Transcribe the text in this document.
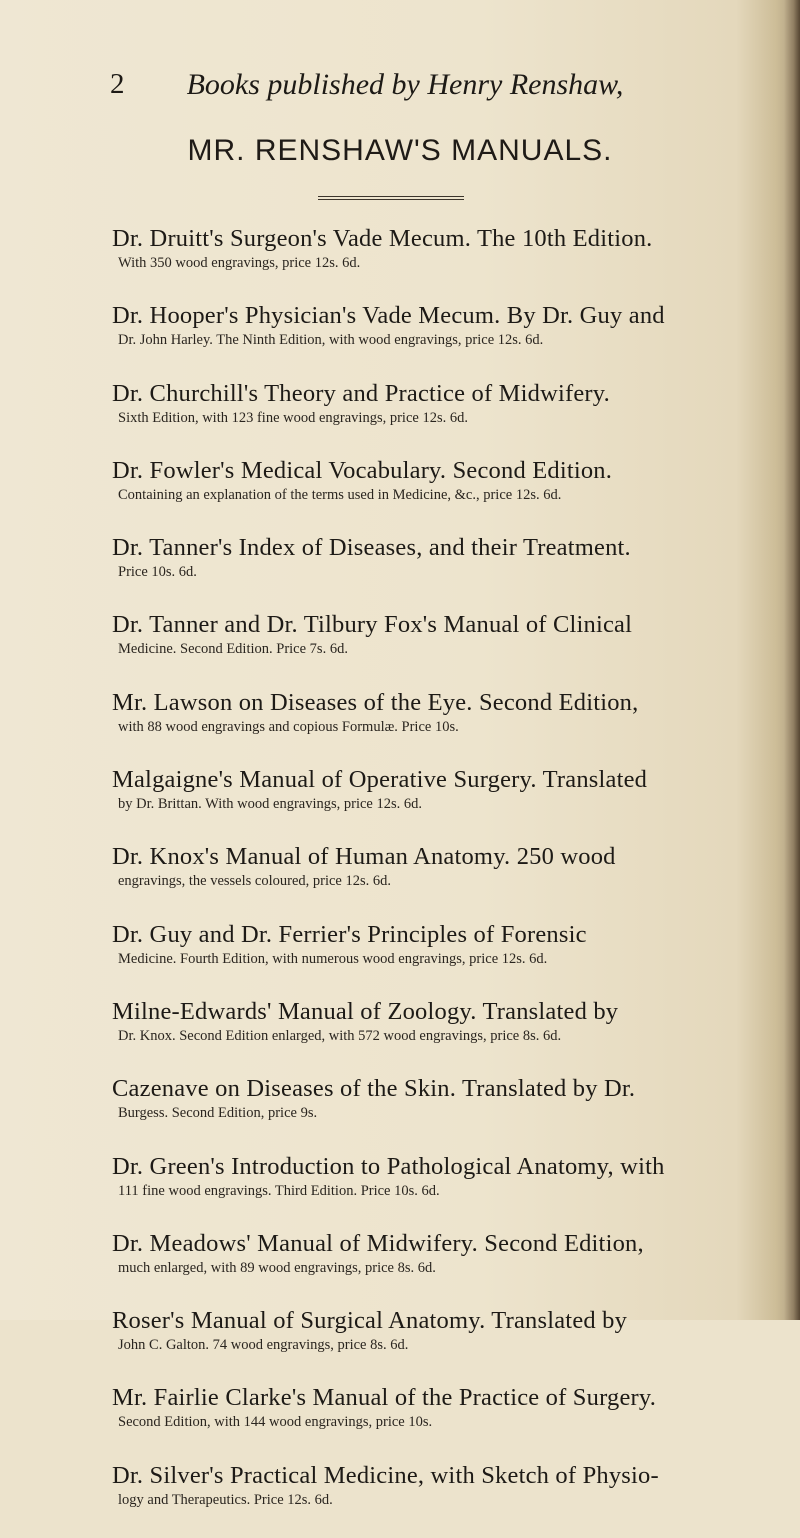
2	Books published by Henry Renshaw,
MR. RENSHAW'S MANUALS.
Dr. Druitt's Surgeon's Vade Mecum. The 10th Edition.
With 350 wood engravings, price 12s. 6d.
Dr. Hooper's Physician's Vade Mecum. By Dr. Guy and
Dr. John Harley. The Ninth Edition, with wood engravings, price 12s. 6d.
Dr. Churchill's Theory and Practice of Midwifery.
Sixth Edition, with 123 fine wood engravings, price 12s. 6d.
Dr. Fowler's Medical Vocabulary. Second Edition.
Containing an explanation of the terms used in Medicine, &c., price 12s. 6d.
Dr. Tanner's Index of Diseases, and their Treatment.
Price 10s. 6d.
Dr. Tanner and Dr. Tilbury Fox's Manual of Clinical
Medicine. Second Edition. Price 7s. 6d.
Mr. Lawson on Diseases of the Eye. Second Edition,
with 88 wood engravings and copious Formulæ. Price 10s.
Malgaigne's Manual of Operative Surgery. Translated
by Dr. Brittan. With wood engravings, price 12s. 6d.
Dr. Knox's Manual of Human Anatomy. 250 wood
engravings, the vessels coloured, price 12s. 6d.
Dr. Guy and Dr. Ferrier's Principles of Forensic
Medicine. Fourth Edition, with numerous wood engravings, price 12s. 6d.
Milne-Edwards' Manual of Zoology. Translated by
Dr. Knox. Second Edition enlarged, with 572 wood engravings, price 8s. 6d.
Cazenave on Diseases of the Skin. Translated by Dr.
Burgess. Second Edition, price 9s.
Dr. Green's Introduction to Pathological Anatomy, with
111 fine wood engravings. Third Edition. Price 10s. 6d.
Dr. Meadows' Manual of Midwifery. Second Edition,
much enlarged, with 89 wood engravings, price 8s. 6d.
Roser's Manual of Surgical Anatomy. Translated by
John C. Galton. 74 wood engravings, price 8s. 6d.
Mr. Fairlie Clarke's Manual of the Practice of Surgery.
Second Edition, with 144 wood engravings, price 10s.
Dr. Silver's Practical Medicine, with Sketch of Physio-
logy and Therapeutics. Price 12s. 6d.
